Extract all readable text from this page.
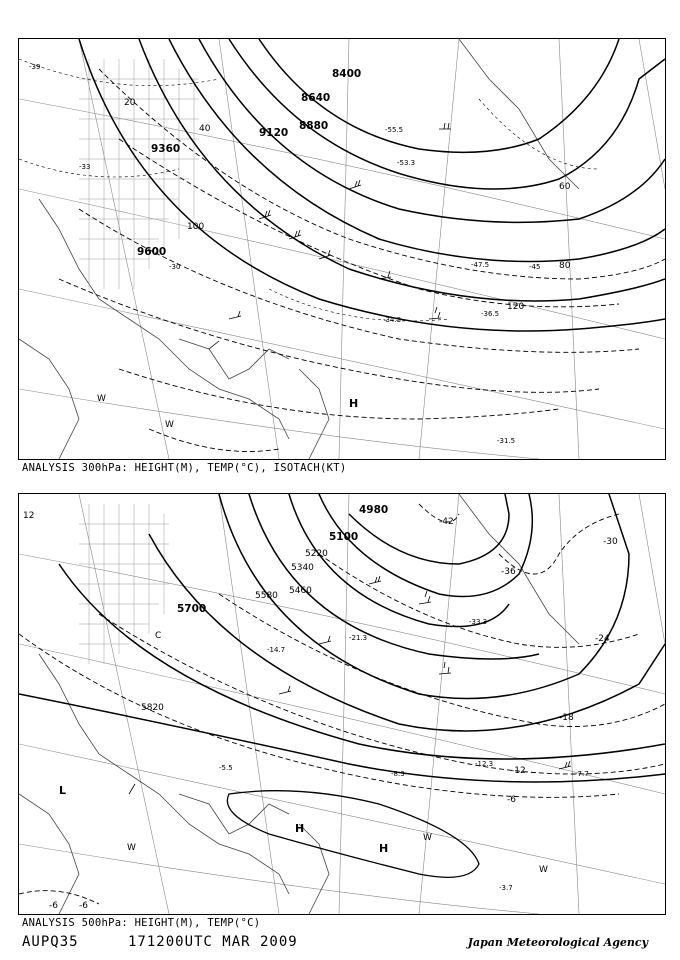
8400
8640
8880
9120
9360
9600
20
40
60
80
100
120
-31.5
-34.3
-36.5
-45
-47.5
-53.3
-55.5
-33
-30
-39
H
W
W
ANALYSIS 300hPa: HEIGHT(M), TEMP(°C), ISOTACH(KT)
4980
5100
5220
5340
5460
5580
5700
5820
-42
-36
-30
-24
-18
-12
-6
-6 -6
12
-33.3
-21.3
-14.7
-12.3
-8.3
-3.7
-7.7
-5.5
H
H
W
W
W
L
C
ANALYSIS 500hPa: HEIGHT(M), TEMP(°C)
AUPQ35	171200UTC MAR 2009	Japan Meteorological Agency
